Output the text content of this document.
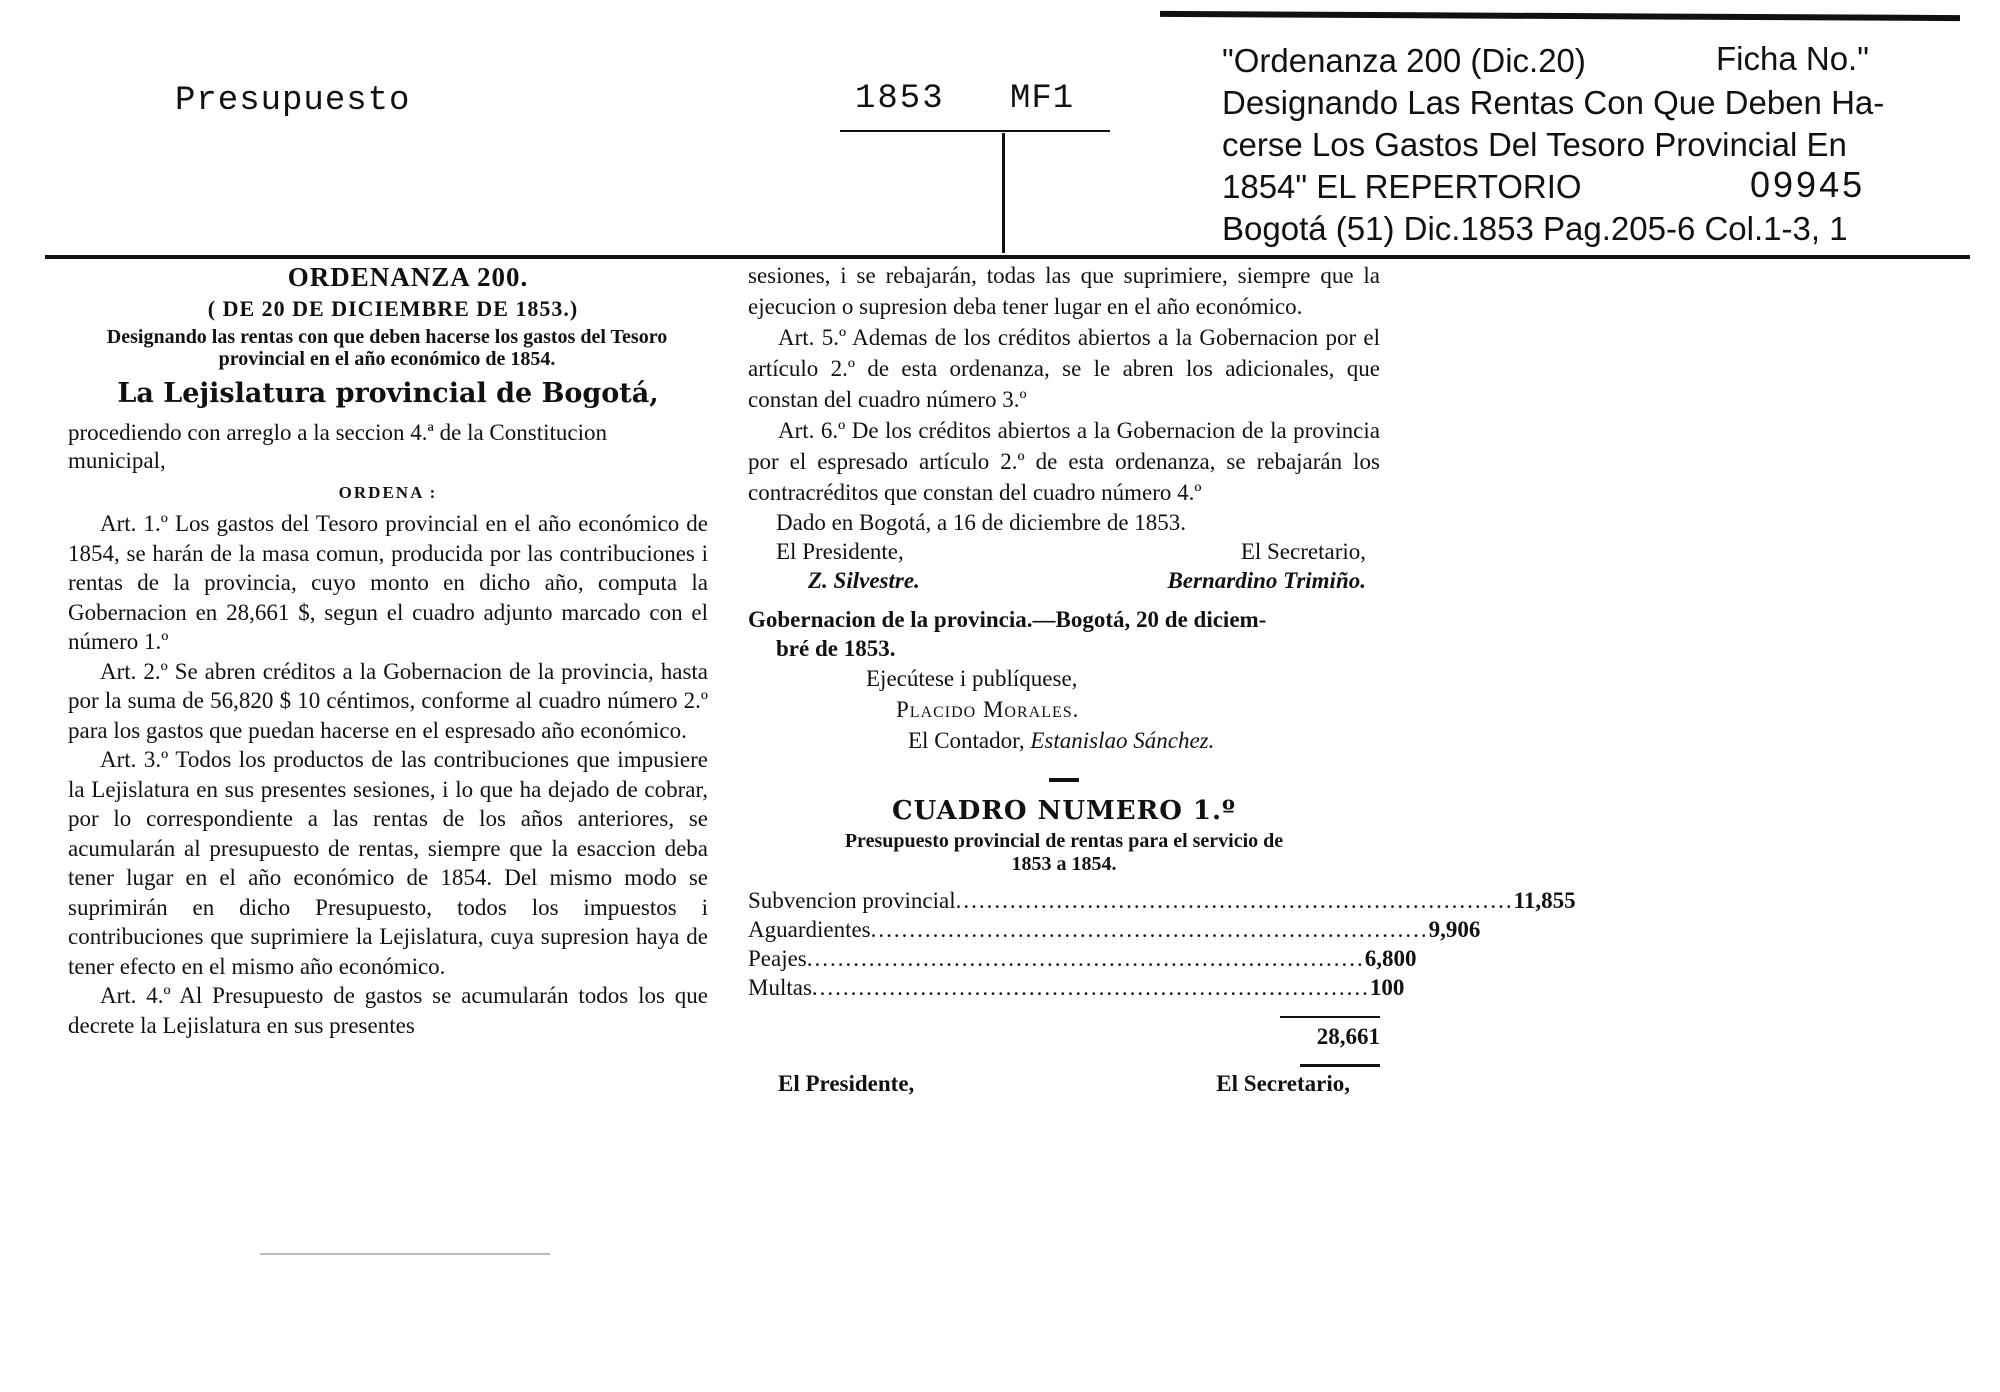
Presupuesto	1853 MF1
"Ordenanza 200 (Dic.20)
Designando Las Rentas Con Que Deben Ha-
cerse Los Gastos Del Tesoro Provincial En
1854" EL REPERTORIO
Bogotá (51) Dic.1853 Pag.205-6 Col.1-3, 1
Ficha No."
09945
ORDENANZA 200.
( DE 20 DE DICIEMBRE DE 1853.)
Designando las rentas con que deben hacerse los gastos del Tesoro provincial en el año económico de 1854.
La Lejislatura provincial de Bogotá,
procediendo con arreglo a la seccion 4.ª de la Constitucion municipal,
ORDENA :

Art. 1.º Los gastos del Tesoro provincial en el año económico de 1854, se harán de la masa comun, producida por las contribuciones i rentas de la provincia, cuyo monto en dicho año, computa la Gobernacion en 28,661 $, segun el cuadro adjunto marcado con el número 1.º

Art. 2.º Se abren créditos a la Gobernacion de la provincia, hasta por la suma de 56,820 $ 10 céntimos, conforme al cuadro número 2.º para los gastos que puedan hacerse en el espresado año económico.

Art. 3.º Todos los productos de las contribuciones que impusiere la Lejislatura en sus presentes sesiones, i lo que ha dejado de cobrar, por lo correspondiente a las rentas de los años anteriores, se acumularán al presupuesto de rentas, siempre que la esaccion deba tener lugar en el año económico de 1854. Del mismo modo se suprimirán en dicho Presupuesto, todos los impuestos i contribuciones que suprimiere la Lejislatura, cuya supresion haya de tener efecto en el mismo año económico.

Art. 4.º Al Presupuesto de gastos se acumularán todos los que decrete la Lejislatura en sus presentes

sesiones, i se rebajarán, todas las que suprimiere, siempre que la ejecucion o supresion deba tener lugar en el año económico.

Art. 5.º Ademas de los créditos abiertos a la Gobernacion por el artículo 2.º de esta ordenanza, se le abren los adicionales, que constan del cuadro número 3.º

Art. 6.º De los créditos abiertos a la Gobernacion de la provincia por el espresado artículo 2.º de esta ordenanza, se rebajarán los contracréditos que constan del cuadro número 4.º

Dado en Bogotá, a 16 de diciembre de 1853.
El Presidente,	El Secretario,
Z. Silvestre.	Bernardino Trimiño.
Gobernacion de la provincia.—Bogotá, 20 de diciem-
bré de 1853.
Ejecútese i publíquese,
Placido Morales.
El Contador, Estanislao Sánchez.
CUADRO NUMERO 1.º
Presupuesto provincial de rentas para el servicio de
1853 a 1854.
Subvencion provincial ........................................................................ 11,855
Aguardientes ........................................................................ 9,906
Peajes ........................................................................ 6,800
Multas ........................................................................ 100
28,661
El Presidente,	El Secretario,
